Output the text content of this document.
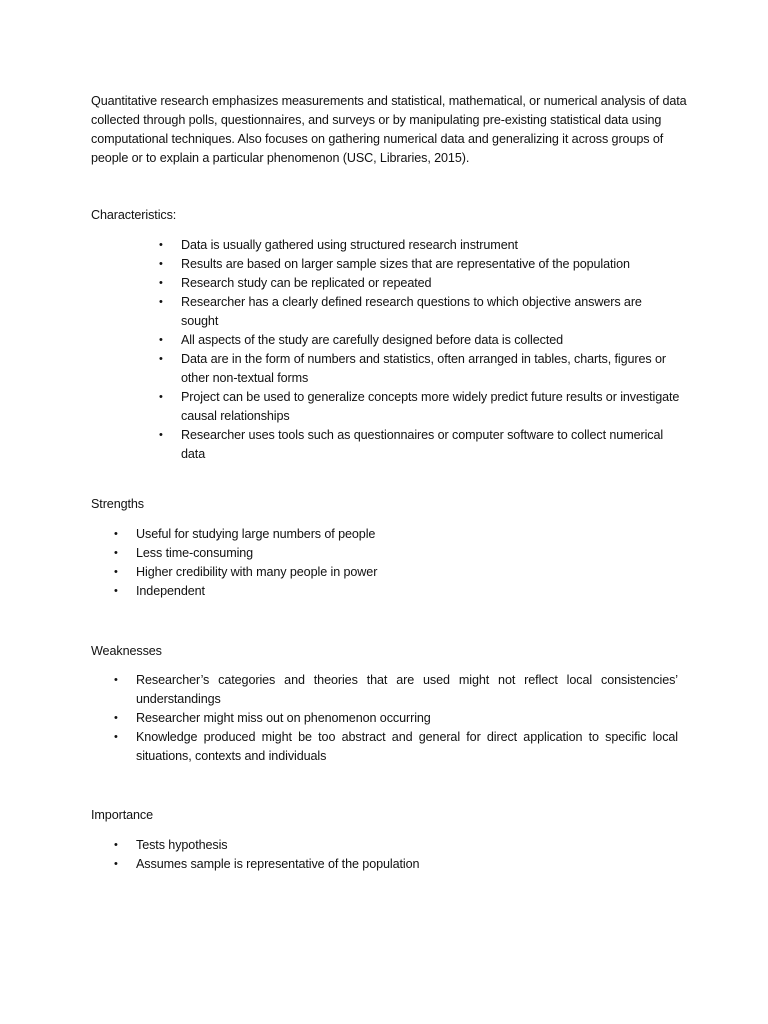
Quantitative research emphasizes measurements and statistical, mathematical, or numerical analysis of data collected through polls, questionnaires, and surveys or by manipulating pre-existing statistical data using computational techniques. Also focuses on gathering numerical data and generalizing it across groups of people or to explain a particular phenomenon (USC, Libraries, 2015).

Characteristics:
• Data is usually gathered using structured research instrument
• Results are based on larger sample sizes that are representative of the population
• Research study can be replicated or repeated
• Researcher has a clearly defined research questions to which objective answers are sought
• All aspects of the study are carefully designed before data is collected
• Data are in the form of numbers and statistics, often arranged in tables, charts, figures or other non-textual forms
• Project can be used to generalize concepts more widely predict future results or investigate causal relationships
• Researcher uses tools such as questionnaires or computer software to collect numerical data
Strengths
• Useful for studying large numbers of people
• Less time-consuming
• Higher credibility with many people in power
• Independent
Weaknesses
• Researcher’s categories and theories that are used might not reflect local consistencies’ understandings
• Researcher might miss out on phenomenon occurring
• Knowledge produced might be too abstract and general for direct application to specific local situations, contexts and individuals
Importance
• Tests hypothesis
• Assumes sample is representative of the population
